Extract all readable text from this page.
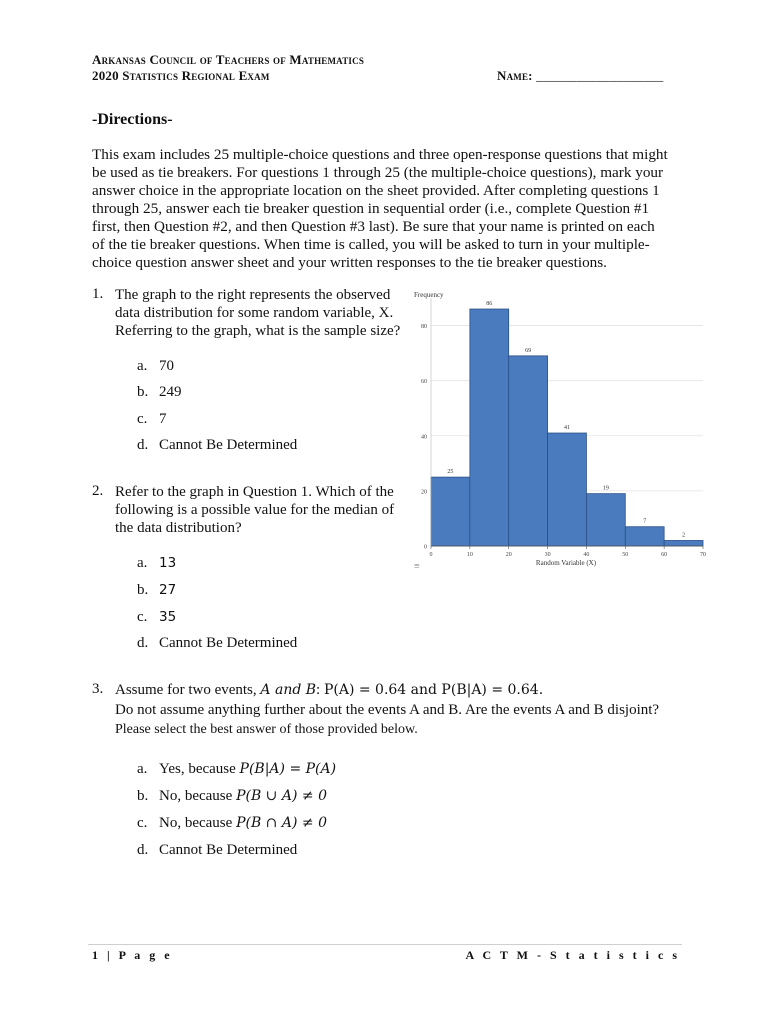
Arkansas Council of Teachers of Mathematics
2020 Statistics Regional Exam	Name: ___________________
-Directions-
This exam includes 25 multiple-choice questions and three open-response questions that might be used as tie breakers. For questions 1 through 25 (the multiple-choice questions), mark your answer choice in the appropriate location on the sheet provided. After completing questions 1 through 25, answer each tie breaker question in sequential order (i.e., complete Question #1 first, then Question #2, and then Question #3 last). Be sure that your name is printed on each of the tie breaker questions. When time is called, you will be asked to turn in your multiple-choice question answer sheet and your written responses to the tie breaker questions.
1. The graph to the right represents the observed data distribution for some random variable, X. Referring to the graph, what is the sample size?
a. 70
b. 249
c. 7
d. Cannot Be Determined
2. Refer to the graph in Question 1. Which of the following is a possible value for the median of the data distribution?
a. 13
b. 27
c. 35
d. Cannot Be Determined
3. Assume for two events, A and B: P(A) = 0.64 and P(B|A) = 0.64.
Do not assume anything further about the events A and B. Are the events A and B disjoint?
Please select the best answer of those provided below.
a. Yes, because P(B|A) = P(A)
b. No, because P(B ∪ A) ≠ 0
c. No, because P(B ∩ A) ≠ 0
d. Cannot Be Determined
25
86
69
41
19
7
2
0
20
40
60
80
0	10	20	30	40	50	60	70
Frequency
Random Variable (X)
≡
1 | P a g e	A C T M - S t a t i s t i c s
